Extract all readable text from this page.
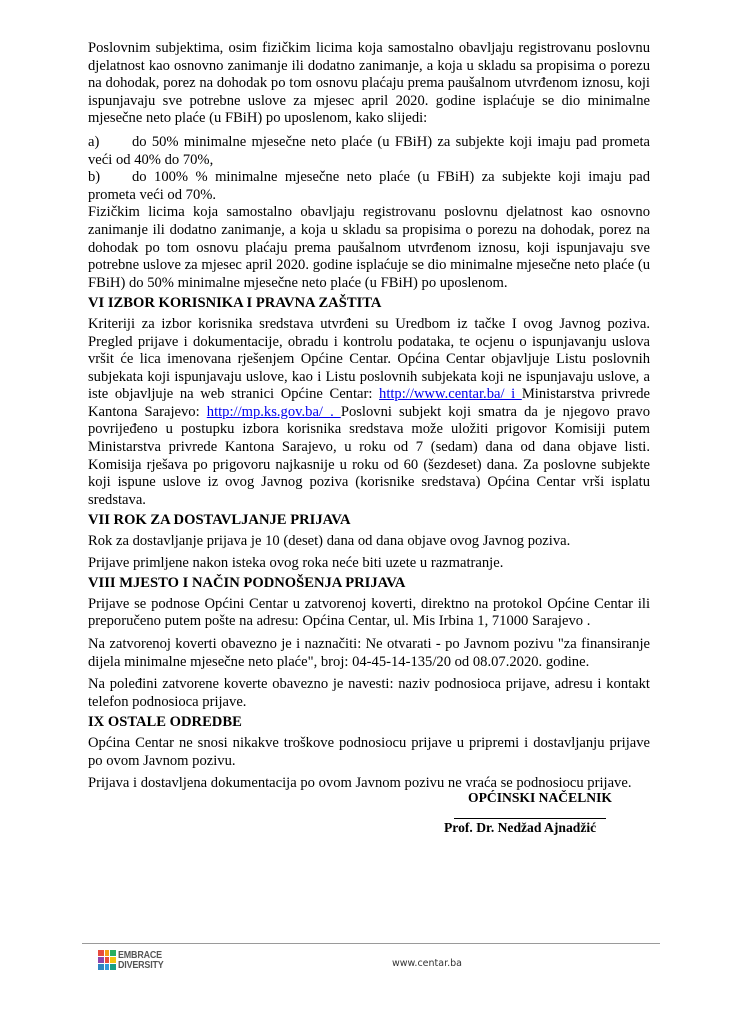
Poslovnim subjektima, osim fizičkim licima koja samostalno obavljaju registrovanu poslovnu djelatnost kao osnovno zanimanje ili dodatno zanimanje, a koja u skladu sa propisima o porezu na dohodak, porez na dohodak po tom osnovu plaćaju prema paušalnom utvrđenom iznosu, koji ispunjavaju sve potrebne uslove za mjesec april 2020. godine isplaćuje se dio minimalne mjesečne neto plaće (u FBiH) po uposlenom, kako slijedi:

a) do 50% minimalne mjesečne neto plaće (u FBiH) za subjekte koji imaju pad prometa veći od 40% do 70%,
b) do 100% % minimalne mjesečne neto plaće (u FBiH) za subjekte koji imaju pad prometa veći od 70%.

Fizičkim licima koja samostalno obavljaju registrovanu poslovnu djelatnost kao osnovno zanimanje ili dodatno zanimanje, a koja u skladu sa propisima o porezu na dohodak, porez na dohodak po tom osnovu plaćaju prema paušalnom utvrđenom iznosu, koji ispunjavaju sve potrebne uslove za mjesec april 2020. godine isplaćuje se dio minimalne mjesečne neto plaće (u FBiH) do 50% minimalne mjesečne neto plaće (u FBiH) po uposlenom.

VI IZBOR KORISNIKA I PRAVNA ZAŠTITA

Kriteriji za izbor korisnika sredstava utvrđeni su Uredbom iz tačke I ovog Javnog poziva. Pregled prijave i dokumentacije, obradu i kontrolu podataka, te ocjenu o ispunjavanju uslova vršit će lica imenovana rješenjem Općine Centar. Općina Centar objavljuje Listu poslovnih subjekata koji ispunjavaju uslove, kao i Listu poslovnih subjekata koji ne ispunjavaju uslove, a iste objavljuje na web stranici Općine Centar: http://www.centar.ba/ i Ministarstva privrede Kantona Sarajevo: http://mp.ks.gov.ba/ . Poslovni subjekt koji smatra da je njegovo pravo povrijeđeno u postupku izbora korisnika sredstava može uložiti prigovor Komisiji putem Ministarstva privrede Kantona Sarajevo, u roku od 7 (sedam) dana od dana objave listi. Komisija rješava po prigovoru najkasnije u roku od 60 (šezdeset) dana. Za poslovne subjekte koji ispune uslove iz ovog Javnog poziva (korisnike sredstava) Općina Centar vrši isplatu sredstava.

VII ROK ZA DOSTAVLJANJE PRIJAVA

Rok za dostavljanje prijava je 10 (deset) dana od dana objave ovog Javnog poziva.

Prijave primljene nakon isteka ovog roka neće biti uzete u razmatranje.

VIII MJESTO I NAČIN PODNOŠENJA PRIJAVA

Prijave se podnose Općini Centar u zatvorenoj koverti, direktno na protokol Općine Centar ili preporučeno putem pošte na adresu: Općina Centar, ul. Mis Irbina 1, 71000 Sarajevo .

Na zatvorenoj koverti obavezno je i naznačiti: Ne otvarati - po Javnom pozivu "za finansiranje dijela minimalne mjesečne neto plaće", broj: 04-45-14-135/20 od 08.07.2020. godine.

Na poleđini zatvorene koverte obavezno je navesti: naziv podnosioca prijave, adresu i kontakt telefon podnosioca prijave.

IX OSTALE ODREDBE

Općina Centar ne snosi nikakve troškove podnosiocu prijave u pripremi i dostavljanju prijave po ovom Javnom pozivu.

Prijava i dostavljena dokumentacija po ovom Javnom pozivu ne vraća se podnosiocu prijave.

OPĆINSKI NAČELNIK
Prof. Dr. Nedžad Ajnadžić
EMBRACE
DIVERSITY	www.centar.ba
